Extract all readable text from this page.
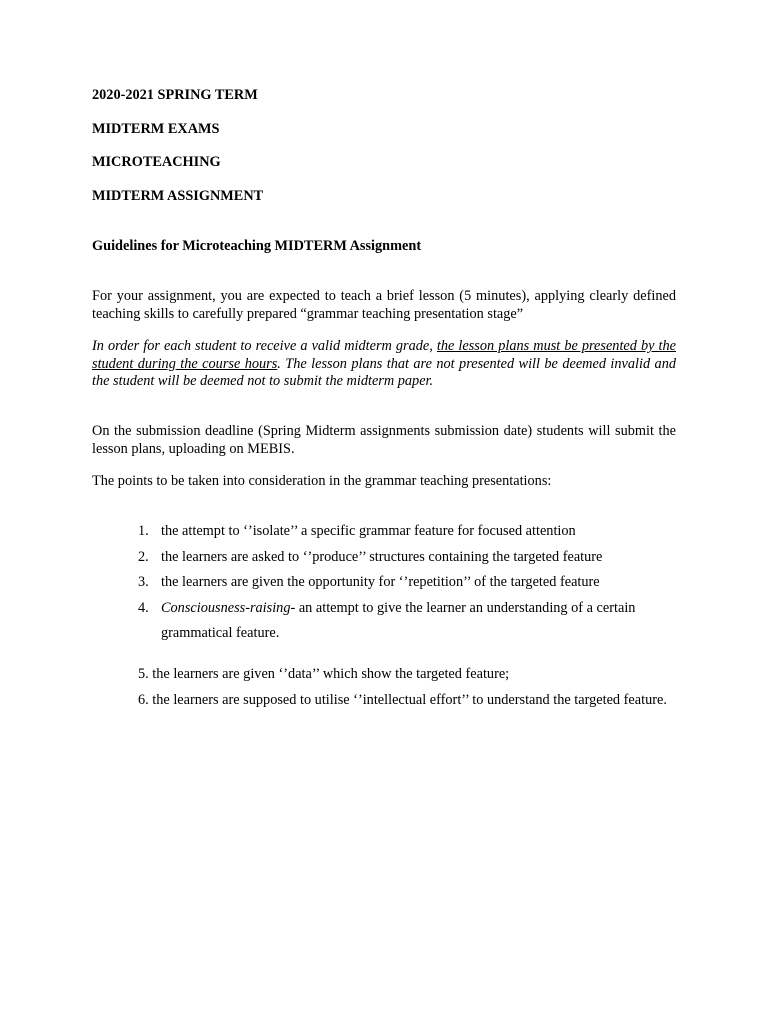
2020-2021 SPRING TERM

MIDTERM EXAMS

MICROTEACHING

MIDTERM ASSIGNMENT

Guidelines for Microteaching MIDTERM Assignment

For your assignment, you are expected to teach a brief lesson (5 minutes), applying clearly defined teaching skills to carefully prepared “grammar teaching presentation stage”

In order for each student to receive a valid midterm grade, the lesson plans must be presented by the student during the course hours. The lesson plans that are not presented will be deemed invalid and the student will be deemed not to submit the midterm paper.

On the submission deadline (Spring Midterm assignments submission date) students will submit the lesson plans, uploading on MEBIS.

The points to be taken into consideration in the grammar teaching presentations:

1. the attempt to ‘’isolate’’ a specific grammar feature for focused attention
2. the learners are asked to ‘’produce’’ structures containing the targeted feature
3. the learners are given the opportunity for ‘’repetition’’ of the targeted feature
4. Consciousness-raising- an attempt to give the learner an understanding of a certain grammatical feature.
5. the learners are given ‘’data’’ which show the targeted feature;
6. the learners are supposed to utilise ‘’intellectual effort’’ to understand the targeted feature.
